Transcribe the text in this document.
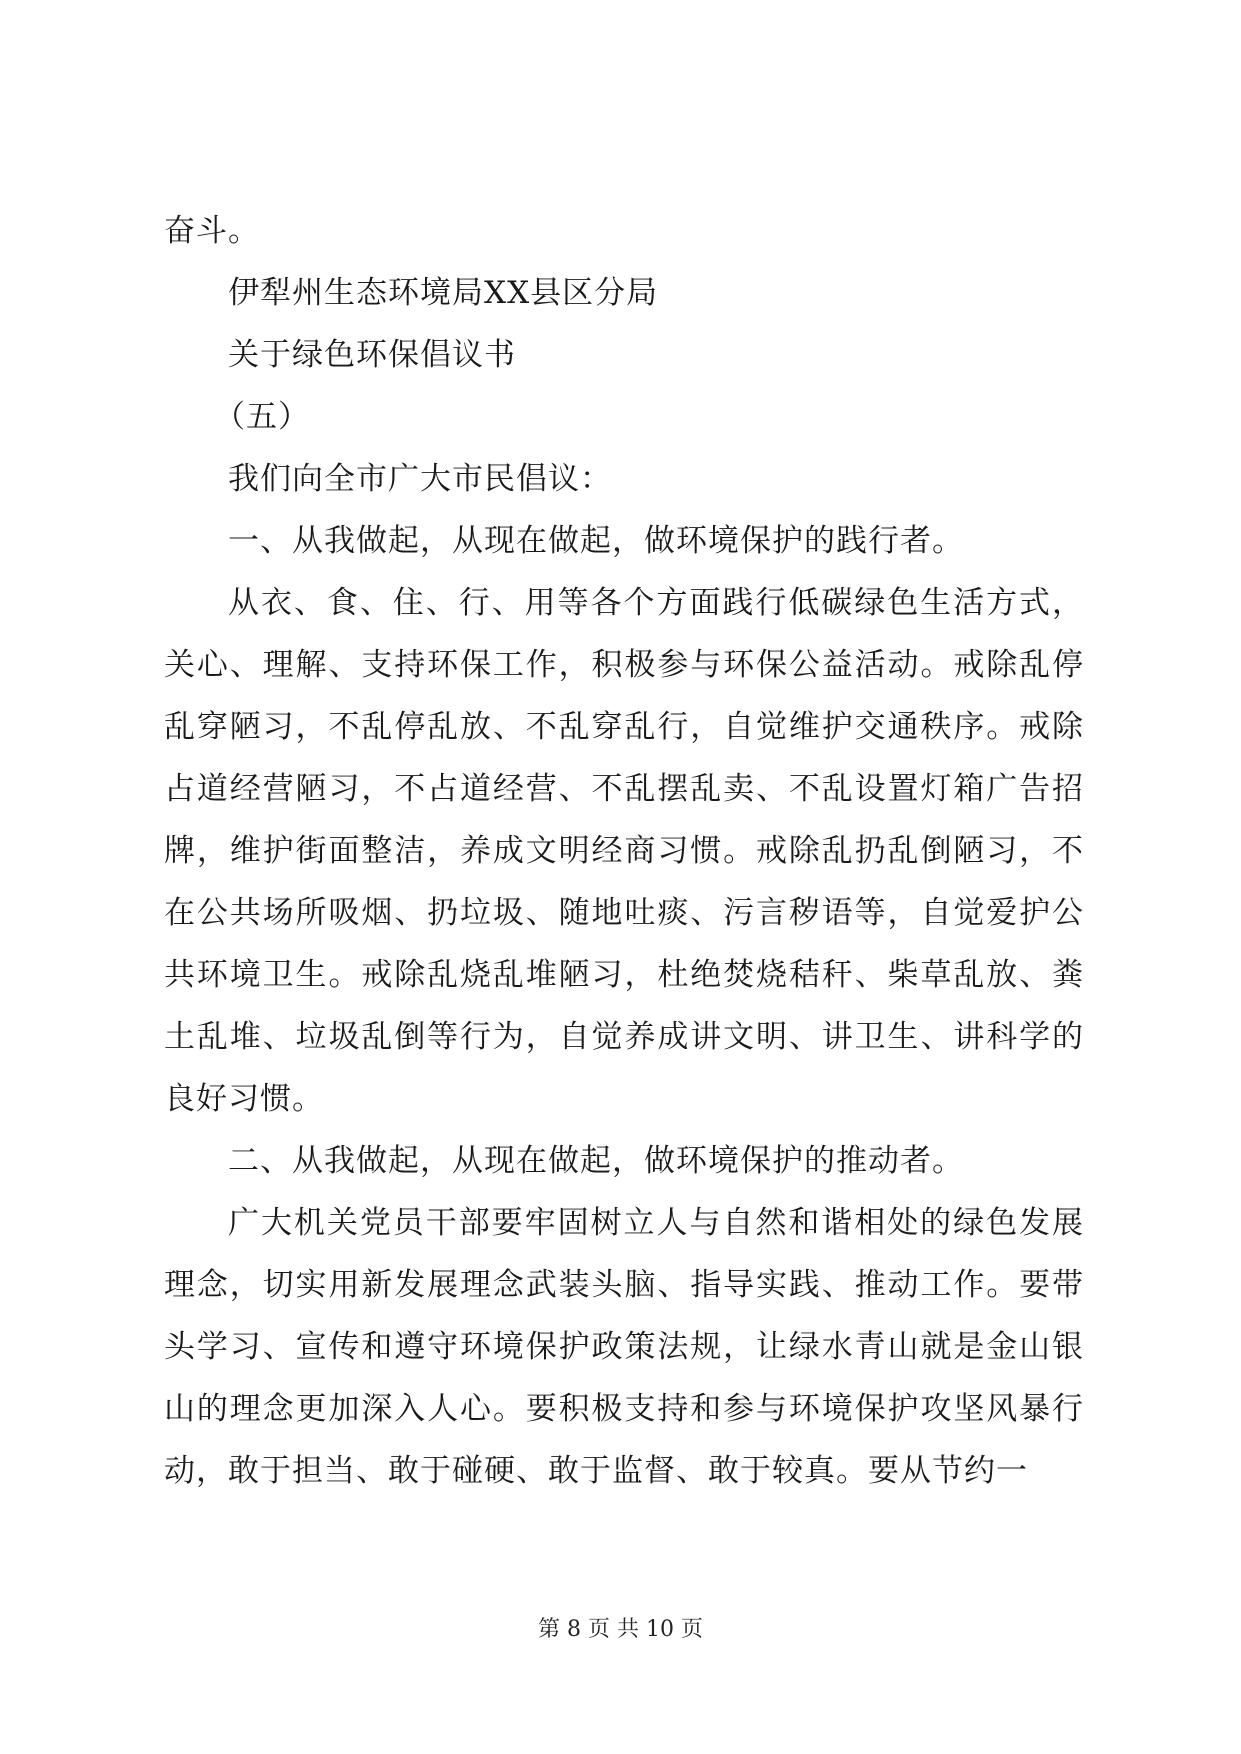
奋斗。
伊犁州生态环境局XX县区分局
关于绿色环保倡议书
（五）
我们向全市广大市民倡议：
一、从我做起，从现在做起，做环境保护的践行者。

从衣、食、住、行、用等各个方面践行低碳绿色生活方式，关心、理解、支持环保工作，积极参与环保公益活动。戒除乱停乱穿陋习，不乱停乱放、不乱穿乱行，自觉维护交通秩序。戒除占道经营陋习，不占道经营、不乱摆乱卖、不乱设置灯箱广告招牌，维护街面整洁，养成文明经商习惯。戒除乱扔乱倒陋习，不在公共场所吸烟、扔垃圾、随地吐痰、污言秽语等，自觉爱护公共环境卫生。戒除乱烧乱堆陋习，杜绝焚烧秸秆、柴草乱放、粪土乱堆、垃圾乱倒等行为，自觉养成讲文明、讲卫生、讲科学的良好习惯。

二、从我做起，从现在做起，做环境保护的推动者。

广大机关党员干部要牢固树立人与自然和谐相处的绿色发展理念，切实用新发展理念武装头脑、指导实践、推动工作。要带头学习、宣传和遵守环境保护政策法规，让绿水青山就是金山银山的理念更加深入人心。要积极支持和参与环境保护攻坚风暴行动，敢于担当、敢于碰硬、敢于监督、敢于较真。要从节约一

第 8 页 共 10 页
